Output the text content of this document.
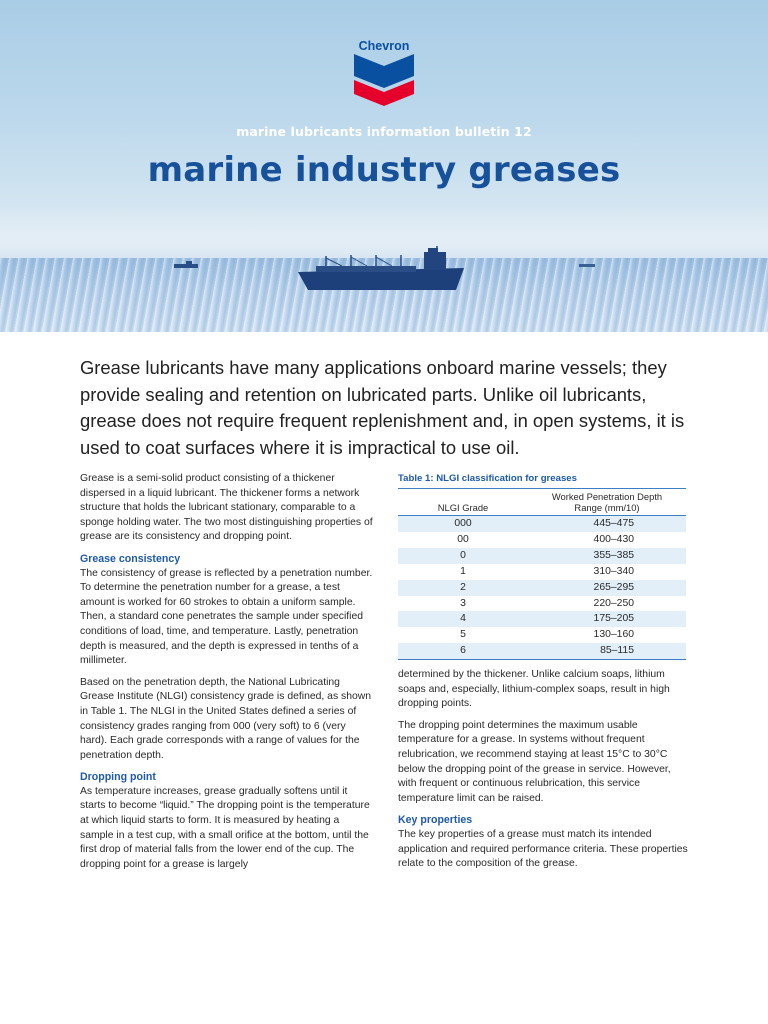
Chevron
marine lubricants information bulletin 12
marine industry greases
Grease lubricants have many applications onboard marine vessels; they provide sealing and retention on lubricated parts. Unlike oil lubricants, grease does not require frequent replenishment and, in open systems, it is used to coat surfaces where it is impractical to use oil.

Grease is a semi-solid product consisting of a thickener dispersed in a liquid lubricant. The thickener forms a network structure that holds the lubricant stationary, comparable to a sponge holding water. The two most distinguishing properties of grease are its consistency and dropping point.

Grease consistency

The consistency of grease is reflected by a penetration number. To determine the penetration number for a grease, a test amount is worked for 60 strokes to obtain a uniform sample. Then, a standard cone penetrates the sample under specified conditions of load, time, and temperature. Lastly, penetration depth is measured, and the depth is expressed in tenths of a millimeter.

Based on the penetration depth, the National Lubricating Grease Institute (NLGI) consistency grade is defined, as shown in Table 1. The NLGI in the United States defined a series of consistency grades ranging from 000 (very soft) to 6 (very hard). Each grade corresponds with a range of values for the penetration depth.

Dropping point

As temperature increases, grease gradually softens until it starts to become “liquid.” The dropping point is the temperature at which liquid starts to form. It is measured by heating a sample in a test cup, with a small orifice at the bottom, until the first drop of material falls from the lower end of the cup. The dropping point for a grease is largely

Table 1: NLGI classification for greases
NLGI Grade	Worked Penetration Depth Range (mm/10)
000	445–475
00	400–430
0	355–385
1	310–340
2	265–295
3	220–250
4	175–205
5	130–160
6	85–115

determined by the thickener. Unlike calcium soaps, lithium soaps and, especially, lithium-complex soaps, result in high dropping points.

The dropping point determines the maximum usable temperature for a grease. In systems without frequent relubrication, we recommend staying at least 15°C to 30°C below the dropping point of the grease in service. However, with frequent or continuous relubrication, this service temperature limit can be raised.

Key properties

The key properties of a grease must match its intended application and required performance criteria. These properties relate to the composition of the grease.
